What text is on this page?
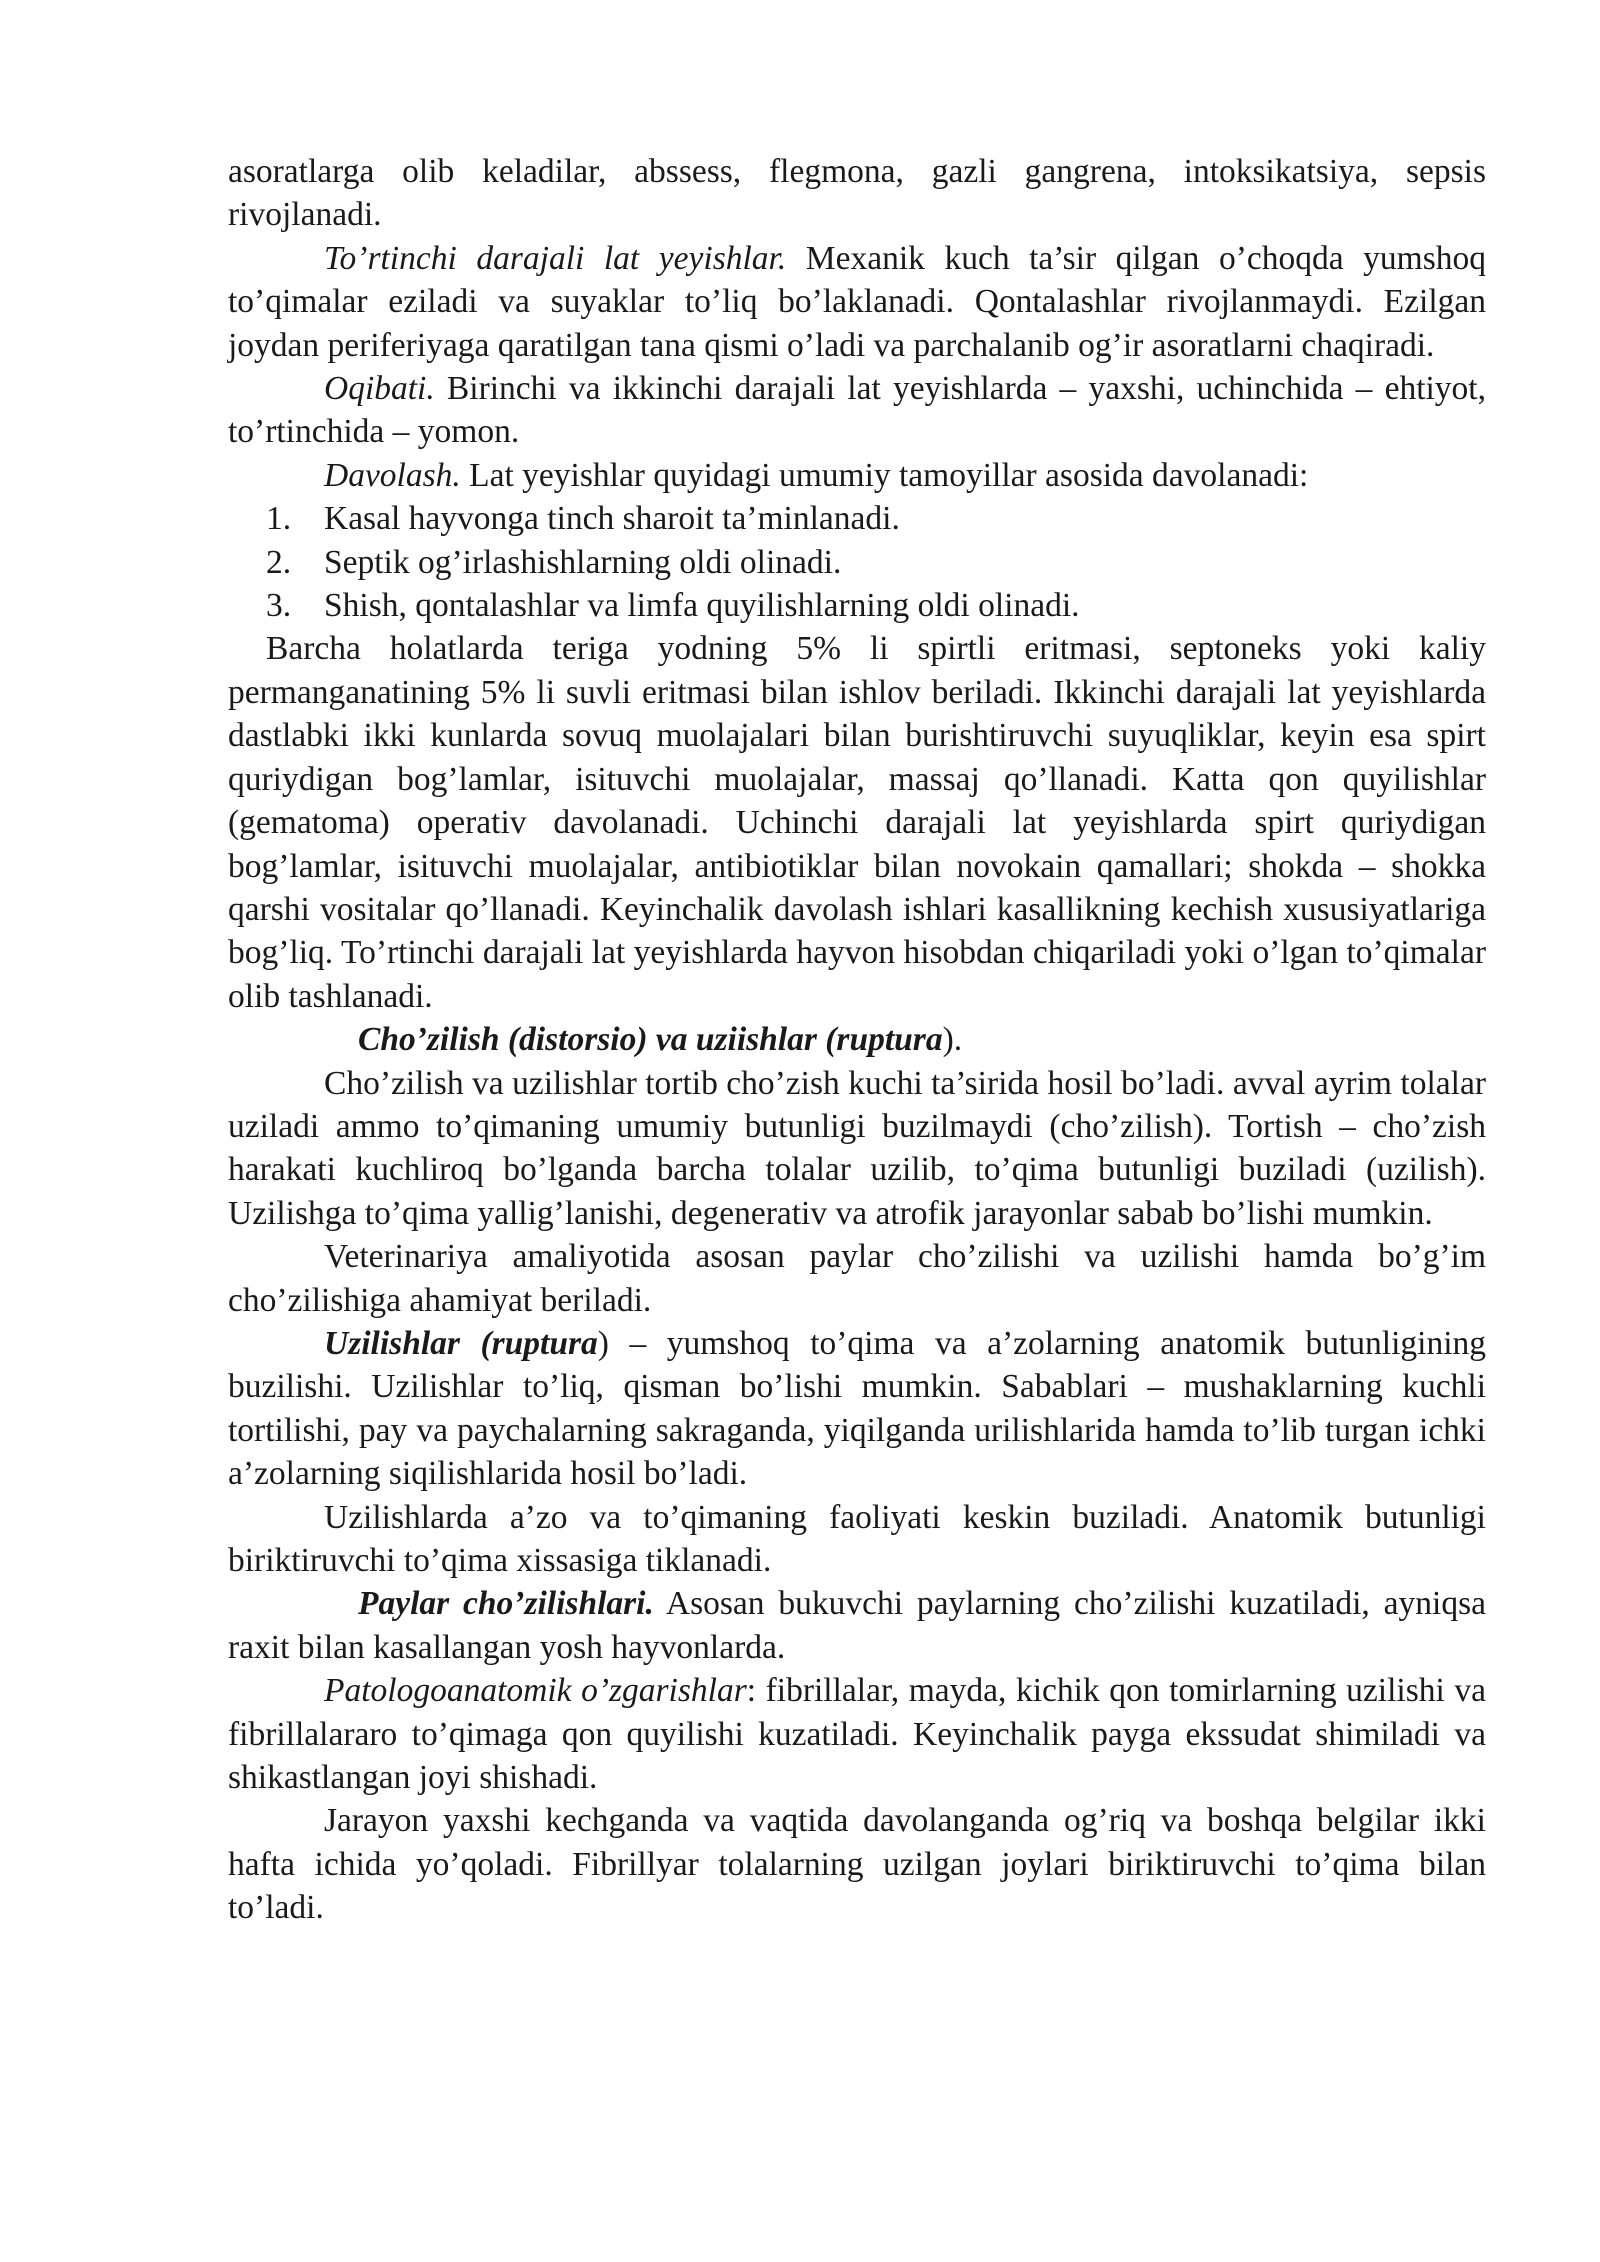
asoratlarga olib keladilar, abssess, flegmona, gazli gangrena, intoksikatsiya, sepsis rivojlanadi.

To’rtinchi darajali lat yeyishlar. Mexanik kuch ta’sir qilgan o’choqda yumshoq to’qimalar eziladi va suyaklar to’liq bo’laklanadi. Qontalashlar rivojlanmaydi. Ezilgan joydan periferiyaga qaratilgan tana qismi o’ladi va parchalanib og’ir asoratlarni chaqiradi.

Oqibati. Birinchi va ikkinchi darajali lat yeyishlarda – yaxshi, uchinchida – ehtiyot, to’rtinchida – yomon.

Davolash. Lat yeyishlar quyidagi umumiy tamoyillar asosida davolanadi:

1. Kasal hayvonga tinch sharoit ta’minlanadi.
2. Septik og’irlashishlarning oldi olinadi.
3. Shish, qontalashlar va limfa quyilishlarning oldi olinadi.

Barcha holatlarda teriga yodning 5% li spirtli eritmasi, septoneks yoki kaliy permanganatining 5% li suvli eritmasi bilan ishlov beriladi. Ikkinchi darajali lat yeyishlarda dastlabki ikki kunlarda sovuq muolajalari bilan burishtiruvchi suyuqliklar, keyin esa spirt quriydigan bog’lamlar, isituvchi muolajalar, massaj qo’llanadi. Katta qon quyilishlar (gematoma) operativ davolanadi. Uchinchi darajali lat yeyishlarda spirt quriydigan bog’lamlar, isituvchi muolajalar, antibiotiklar bilan novokain qamallari; shokda – shokka qarshi vositalar qo’llanadi. Keyinchalik davolash ishlari kasallikning kechish xususiyatlariga bog’liq. To’rtinchi darajali lat yeyishlarda hayvon hisobdan chiqariladi yoki o’lgan to’qimalar olib tashlanadi.

Cho’zilish (distorsio) va uziishlar (ruptura).

Cho’zilish va uzilishlar tortib cho’zish kuchi ta’sirida hosil bo’ladi. avval ayrim tolalar uziladi ammo to’qimaning umumiy butunligi buzilmaydi (cho’zilish). Tortish – cho’zish harakati kuchliroq bo’lganda barcha tolalar uzilib, to’qima butunligi buziladi (uzilish). Uzilishga to’qima yallig’lanishi, degenerativ va atrofik jarayonlar sabab bo’lishi mumkin.

Veterinariya amaliyotida asosan paylar cho’zilishi va uzilishi hamda bo’g’im cho’zilishiga ahamiyat beriladi.

Uzilishlar (ruptura) – yumshoq to’qima va a’zolarning anatomik butunligining buzilishi. Uzilishlar to’liq, qisman bo’lishi mumkin. Sabablari – mushaklarning kuchli tortilishi, pay va paychalarning sakraganda, yiqilganda urilishlarida hamda to’lib turgan ichki a’zolarning siqilishlarida hosil bo’ladi.

Uzilishlarda a’zo va to’qimaning faoliyati keskin buziladi. Anatomik butunligi biriktiruvchi to’qima xissasiga tiklanadi.

Paylar cho’zilishlari. Asosan bukuvchi paylarning cho’zilishi kuzatiladi, ayniqsa raxit bilan kasallangan yosh hayvonlarda.

Patologoanatomik o’zgarishlar: fibrillalar, mayda, kichik qon tomirlarning uzilishi va fibrillalararo to’qimaga qon quyilishi kuzatiladi. Keyinchalik payga ekssudat shimiladi va shikastlangan joyi shishadi.

Jarayon yaxshi kechganda va vaqtida davolanganda og’riq va boshqa belgilar ikki hafta ichida yo’qoladi. Fibrillyar tolalarning uzilgan joylari biriktiruvchi to’qima bilan to’ladi.
